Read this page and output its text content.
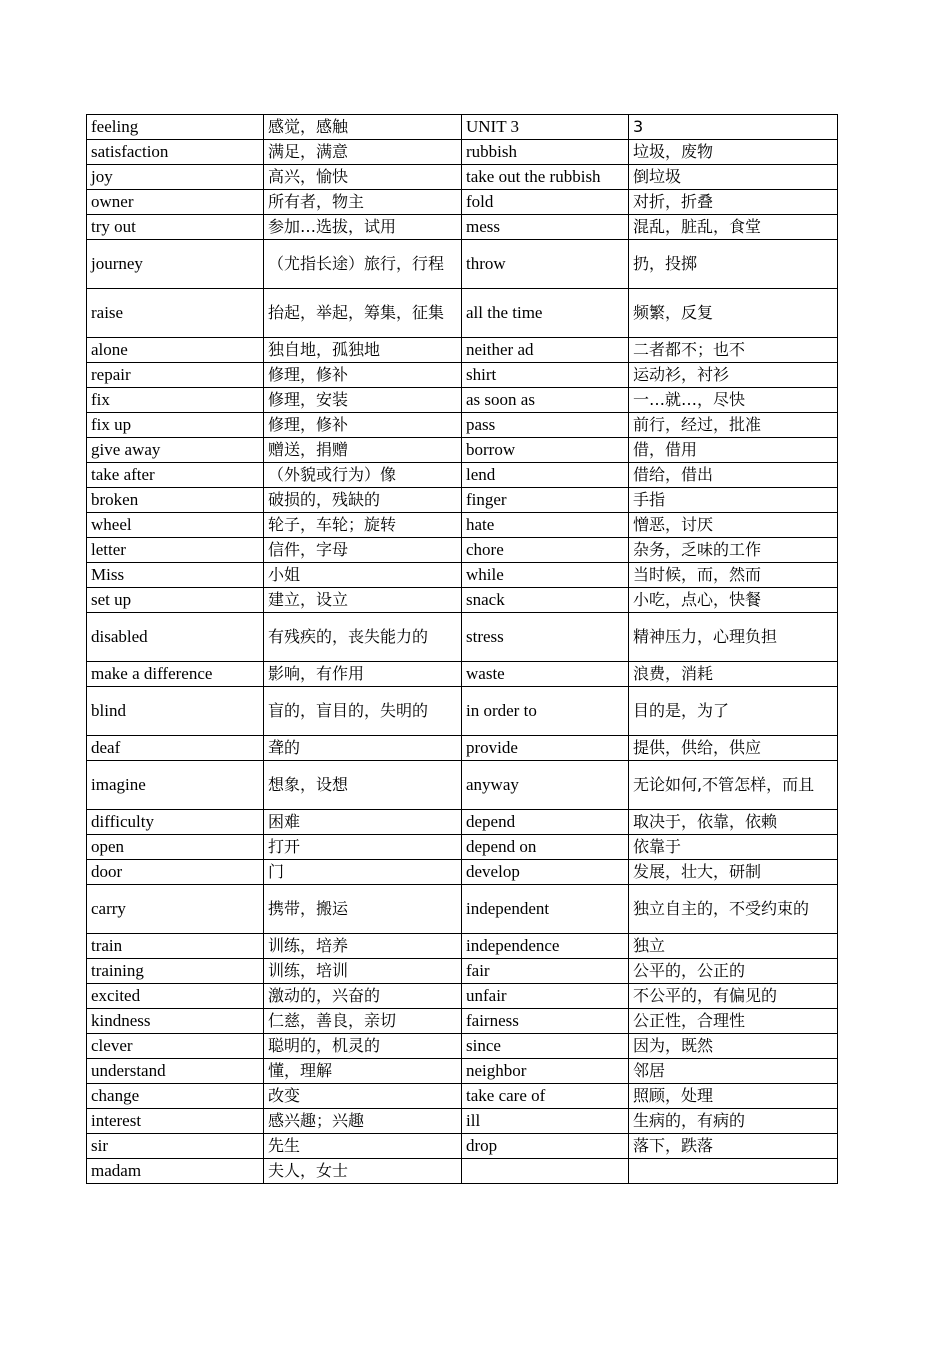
feeling	感觉，感触	UNIT 3	3
satisfaction	满足，满意	rubbish	垃圾，废物
joy	高兴，愉快	take out the rubbish	倒垃圾
owner	所有者，物主	fold	对折，折叠
try out	参加…选拔，试用	mess	混乱，脏乱，食堂
journey	（尤指长途）旅行，行程	throw	扔，投掷
raise	抬起，举起，筹集，征集	all the time	频繁，反复
alone	独自地，孤独地	neither ad	二者都不；也不
repair	修理，修补	shirt	运动衫，衬衫
fix	修理，安装	as soon as	一…就…，尽快
fix up	修理，修补	pass	前行，经过，批准
give away	赠送，捐赠	borrow	借，借用
take after	（外貌或行为）像	lend	借给，借出
broken	破损的，残缺的	finger	手指
wheel	轮子，车轮；旋转	hate	憎恶，讨厌
letter	信件，字母	chore	杂务，乏味的工作
Miss	小姐	while	当时候，而，然而
set up	建立，设立	snack	小吃，点心，快餐
disabled	有残疾的，丧失能力的	stress	精神压力，心理负担
make a difference	影响，有作用	waste	浪费，消耗
blind	盲的，盲目的，失明的	in order to	目的是，为了
deaf	聋的	provide	提供，供给，供应
imagine	想象，设想	anyway	无论如何,不管怎样，而且
difficulty	困难	depend	取决于，依靠，依赖
open	打开	depend on	依靠于
door	门	develop	发展，壮大，研制
carry	携带，搬运	independent	独立自主的，不受约束的
train	训练，培养	independence	独立
training	训练，培训	fair	公平的，公正的
excited	激动的，兴奋的	unfair	不公平的，有偏见的
kindness	仁慈，善良，亲切	fairness	公正性，合理性
clever	聪明的，机灵的	since	因为，既然
understand	懂，理解	neighbor	邻居
change	改变	take care of	照顾，处理
interest	感兴趣；兴趣	ill	生病的，有病的
sir	先生	drop	落下，跌落
madam	夫人，女士		
